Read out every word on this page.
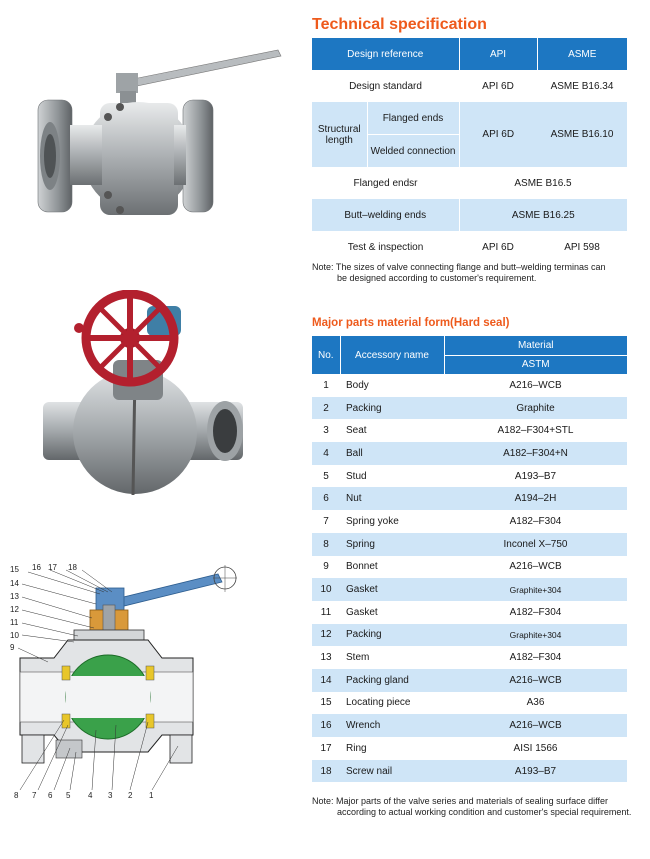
15 16 17 18
14
13
12
11
10
9
8 7 6 5 4 3 2 1
Technical specification
Design reference		API	ASME
Design standard		API 6D	ASME B16.34
Structural length	Flanged ends	API 6D	ASME B16.10
	Welded connection		
Flanged endsr		ASME B16.5	
Butt–welding ends		ASME B16.25	
Test & inspection		API 6D	API 598
Note: The sizes of valve connecting flange and butt–welding terminas can
be designed according to customer's requirement.
Major parts material form(Hard seal)
No.	Accessory name	Material
		ASTM
1	Body	A216–WCB
2	Packing	Graphite
3	Seat	A182–F304+STL
4	Ball	A182–F304+N
5	Stud	A193–B7
6	Nut	A194–2H
7	Spring yoke	A182–F304
8	Spring	Inconel X–750
9	Bonnet	A216–WCB
10	Gasket	Graphite+304
11	Gasket	A182–F304
12	Packing	Graphite+304
13	Stem	A182–F304
14	Packing gland	A216–WCB
15	Locating piece	A36
16	Wrench	A216–WCB
17	Ring	AISI 1566
18	Screw nail	A193–B7
Note: Major parts of the valve series and materials of sealing surface differ
according to actual working condition and customer's special requirement.
